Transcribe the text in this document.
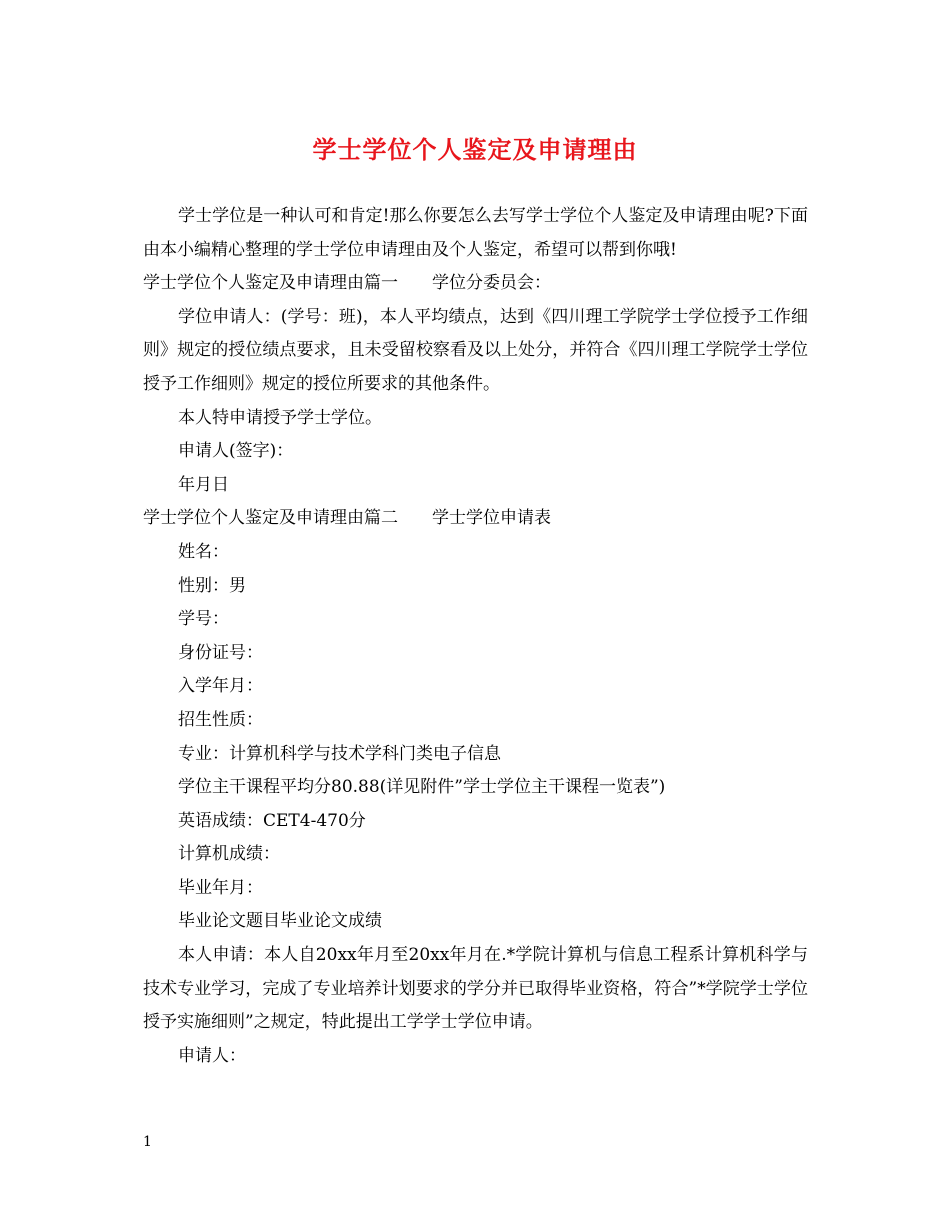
学士学位个人鉴定及申请理由

学士学位是一种认可和肯定!那么你要怎么去写学士学位个人鉴定及申请理由呢?下面由本小编精心整理的学士学位申请理由及个人鉴定，希望可以帮到你哦!

学士学位个人鉴定及申请理由篇一　　学位分委员会：

学位申请人：(学号：班)，本人平均绩点，达到《四川理工学院学士学位授予工作细则》规定的授位绩点要求，且未受留校察看及以上处分，并符合《四川理工学院学士学位授予工作细则》规定的授位所要求的其他条件。

本人特申请授予学士学位。

申请人(签字)：

年月日

学士学位个人鉴定及申请理由篇二　　学士学位申请表

姓名：

性别：男

学号：

身份证号：

入学年月：

招生性质：

专业：计算机科学与技术学科门类电子信息

学位主干课程平均分80.88(详见附件”学士学位主干课程一览表”)

英语成绩：CET4-470分

计算机成绩：

毕业年月：

毕业论文题目毕业论文成绩

本人申请：本人自20xx年月至20xx年月在.*学院计算机与信息工程系计算机科学与技术专业学习，完成了专业培养计划要求的学分并已取得毕业资格，符合”*学院学士学位授予实施细则”之规定，特此提出工学学士学位申请。

申请人：

1
